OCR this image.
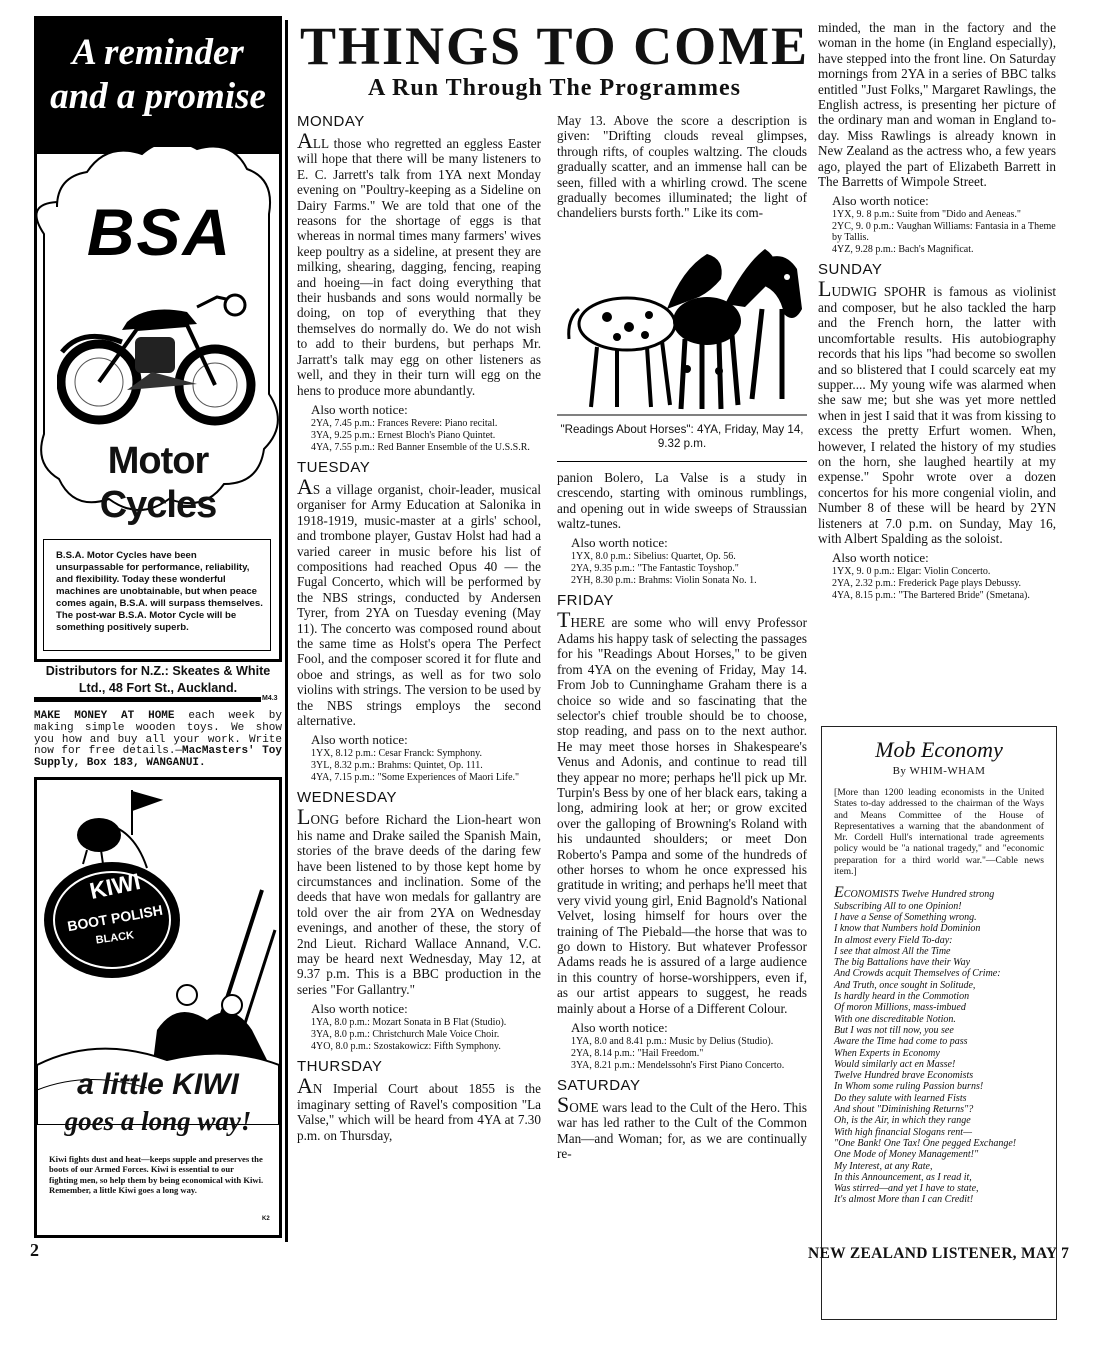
A reminder
and a promise
BSA
Motor Cycles

B.S.A. Motor Cycles have been unsurpassable for performance, reliability, and flexibility. Today these wonderful machines are unobtainable, but when peace comes again, B.S.A. will surpass themselves.

The post-war B.S.A. Motor Cycle will be something positively superb.

Distributors for N.Z.: Skeates & White Ltd., 48 Fort St., Auckland.
M4.3
MAKE MONEY AT HOME each week by making simple wooden toys. We show you how and buy all your work. Write now for free details.—MacMasters' Toy Supply, Box 183, WANGANUI.
KIWI
BOOT POLISH
BLACK
a little KIWI
goes a long way!

Kiwi fights dust and heat—keeps supple and preserves the boots of our Armed Forces. Kiwi is essential to our fighting men, so help them by being economical with Kiwi. Remember, a little Kiwi goes a long way.

K2
THINGS TO COME
A Run Through The Programmes
MONDAY

ALL those who regretted an eggless Easter will hope that there will be many listeners to E. C. Jarrett's talk from 1YA next Monday evening on "Poultry-keeping as a Sideline on Dairy Farms." We are told that one of the reasons for the shortage of eggs is that whereas in normal times many farmers' wives keep poultry as a sideline, at present they are milking, shearing, dagging, fencing, reaping and hoeing—in fact doing everything that their husbands and sons would normally be doing, on top of everything that they themselves do normally do. We do not wish to add to their burdens, but perhaps Mr. Jarratt's talk may egg on other listeners as well, and they in their turn will egg on the hens to produce more abundantly.

Also worth notice:

2YA, 7.45 p.m.: Frances Revere: Piano recital.

3YA, 9.25 p.m.: Ernest Bloch's Piano Quintet.

4YA, 7.55 p.m.: Red Banner Ensemble of the U.S.S.R.

TUESDAY

AS a village organist, choir-leader, musical organiser for Army Education at Salonika in 1918-1919, music-master at a girls' school, and trombone player, Gustav Holst had had a varied career in music before his list of compositions had reached Opus 40 — the Fugal Concerto, which will be performed by the NBS strings, conducted by Andersen Tyrer, from 2YA on Tuesday evening (May 11). The concerto was composed round about the same time as Holst's opera The Perfect Fool, and the composer scored it for flute and oboe and strings, as well as for two solo violins with strings. The version to be used by the NBS strings employs the second alternative.

Also worth notice:

1YX, 8.12 p.m.: Cesar Franck: Symphony.

3YL, 8.32 p.m.: Brahms: Quintet, Op. 111.

4YA, 7.15 p.m.: "Some Experiences of Maori Life."

WEDNESDAY

LONG before Richard the Lion-heart won his name and Drake sailed the Spanish Main, stories of the brave deeds of the daring few have been listened to by those kept home by circumstances and inclination. Some of the deeds that have won medals for gallantry are told over the air from 2YA on Wednesday evenings, and another of these, the story of 2nd Lieut. Richard Wallace Annand, V.C. may be heard next Wednesday, May 12, at 9.37 p.m. This is a BBC production in the series "For Gallantry."

Also worth notice:

1YA, 8.0 p.m.: Mozart Sonata in B Flat (Studio).

3YA, 8.0 p.m.: Christchurch Male Voice Choir.

4YO, 8.0 p.m.: Szostakowicz: Fifth Symphony.

THURSDAY

AN Imperial Court about 1855 is the imaginary setting of Ravel's composition "La Valse," which will be heard from 4YA at 7.30 p.m. on Thursday,

May 13. Above the score a description is given: "Drifting clouds reveal glimpses, through rifts, of couples waltzing. The clouds gradually scatter, and an immense hall can be seen, filled with a whirling crowd. The scene gradually becomes illuminated; the light of chandeliers bursts forth." Like its com-

"Readings About Horses": 4YA, Friday, May 14, 9.32 p.m.

panion Bolero, La Valse is a study in crescendo, starting with ominous rumblings, and opening out in wide sweeps of Straussian waltz-tunes.

Also worth notice:

1YX, 8.0 p.m.: Sibelius: Quartet, Op. 56.

2YA, 9.35 p.m.: "The Fantastic Toyshop."

2YH, 8.30 p.m.: Brahms: Violin Sonata No. 1.

FRIDAY

THERE are some who will envy Professor Adams his happy task of selecting the passages for his "Readings About Horses," to be given from 4YA on the evening of Friday, May 14. From Job to Cunninghame Graham there is a choice so wide and so fascinating that the selector's chief trouble should be to choose, stop reading, and pass on to the next author. He may meet those horses in Shakespeare's Venus and Adonis, and continue to read till they appear no more; perhaps he'll pick up Mr. Turpin's Bess by one of her black ears, taking a long, admiring look at her; or grow excited over the galloping of Browning's Roland with his undaunted shoulders; or meet Don Roberto's Pampa and some of the hundreds of other horses to whom he once expressed his gratitude in writing; and perhaps he'll meet that very vivid young girl, Enid Bagnold's National Velvet, losing himself for hours over the training of The Piebald—the horse that was to go down to History. But whatever Professor Adams reads he is assured of a large audience in this country of horse-worshippers, even if, as our artist appears to suggest, he reads mainly about a Horse of a Different Colour.

Also worth notice:

1YA, 8.0 and 8.41 p.m.: Music by Delius (Studio).

2YA, 8.14 p.m.: "Hail Freedom."

3YA, 8.21 p.m.: Mendelssohn's First Piano Concerto.

SATURDAY

SOME wars lead to the Cult of the Hero. This war has led rather to the Cult of the Common Man—and Woman; for, as we are continually re-

minded, the man in the factory and the woman in the home (in England especially), have stepped into the front line. On Saturday mornings from 2YA in a series of BBC talks entitled "Just Folks," Margaret Rawlings, the English actress, is presenting her picture of the ordinary man and woman in England to-day. Miss Rawlings is already known in New Zealand as the actress who, a few years ago, played the part of Elizabeth Barrett in The Barretts of Wimpole Street.

Also worth notice:

1YX, 9. 8 p.m.: Suite from "Dido and Aeneas."

2YC, 9. 0 p.m.: Vaughan Williams: Fantasia in a Theme by Tallis.

4YZ, 9.28 p.m.: Bach's Magnificat.

SUNDAY

LUDWIG SPOHR is famous as violinist and composer, but he also tackled the harp and the French horn, the latter with uncomfortable results. His autobiography records that his lips "had become so swollen and so blistered that I could scarcely eat my supper.... My young wife was alarmed when she saw me; but she was yet more nettled when in jest I said that it was from kissing to excess the pretty Erfurt women. When, however, I related the history of my studies on the horn, she laughed heartily at my expense." Spohr wrote over a dozen concertos for his more congenial violin, and Number 8 of these will be heard by 2YN listeners at 7.0 p.m. on Sunday, May 16, with Albert Spalding as the soloist.

Also worth notice:

1YX, 9. 0 p.m.: Elgar: Violin Concerto.

2YA, 2.32 p.m.: Frederick Page plays Debussy.

4YA, 8.15 p.m.: "The Bartered Bride" (Smetana).

Mob Economy
By WHIM-WHAM

[More than 1200 leading economists in the United States to-day addressed to the chairman of the Ways and Means Committee of the House of Representatives a warning that the abandonment of Mr. Cordell Hull's international trade agreements policy would be "a national tragedy," and "economic preparation for a third world war."—Cable news item.]

ECONOMISTS Twelve Hundred strong

Subscribing All to one Opinion!
I have a Sense of Something wrong.
I know that Numbers hold Dominion
In almost every Field To-day:
I see that almost All the Time
The big Battalions have their Way
And Crowds acquit Themselves of Crime:
And Truth, once sought in Solitude,
Is hardly heard in the Commotion
Of moron Millions, mass-imbued
With one discreditable Notion.
But I was not till now, you see
Aware the Time had come to pass
When Experts in Economy
Would similarly act en Masse!
Twelve Hundred brave Economists
In Whom some ruling Passion burns!
Do they salute with learned Fists
And shout "Diminishing Returns"?
Oh, is the Air, in which they range
With high financial Slogans rent—
"One Bank! One Tax! One pegged Exchange!
One Mode of Money Management!"
My Interest, at any Rate,
In this Announcement, as I read it,
Was stirred—and yet I have to state,
It's almost More than I can Credit!
2	NEW ZEALAND LISTENER, MAY 7
